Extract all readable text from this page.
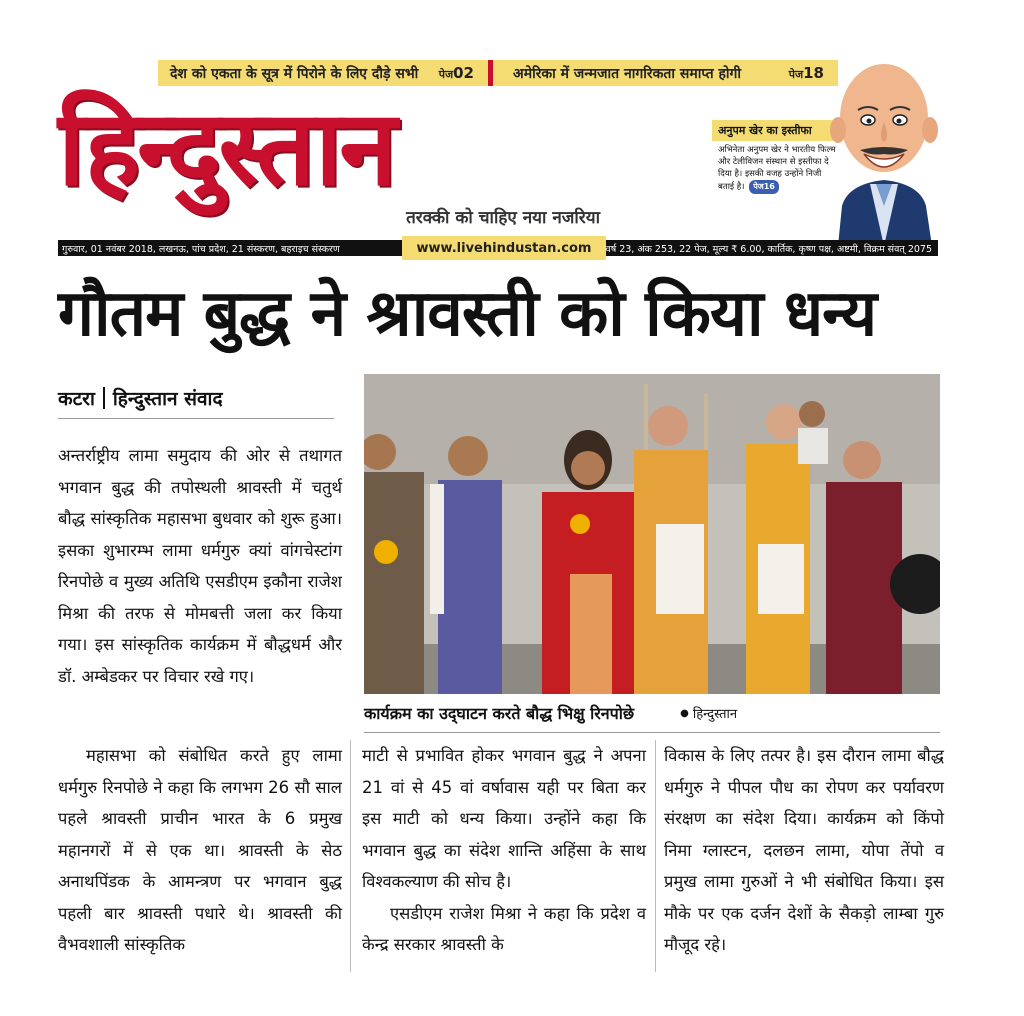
देश को एकता के सूत्र में पिरोने के लिए दौड़े सभी पेज02	अमेरिका में जन्मजात नागरिकता समाप्त होगी	पेज18
हिन्दुस्तान
तरक्की को चाहिए नया नजरिया
अनुपम खेर का इस्तीफा
अभिनेता अनुपम खेर ने भारतीय फिल्म और टेलीविजन संस्थान से इस्तीफा दे दिया है। इसकी वजह उन्होंने निजी बताई है। पेज16
गुरुवार, 01 नवंबर 2018, लखनऊ, पांच प्रदेश, 21 संस्करण, बहराइच संस्करण	www.livehindustan.com	वर्ष 23, अंक 253, 22 पेज, मूल्य ₹ 6.00, कार्तिक, कृष्ण पक्ष, अष्टमी, विक्रम संवत् 2075
गौतम बुद्ध ने श्रावस्ती को किया धन्य
कटरा हिन्दुस्तान संवाद

अन्तर्राष्ट्रीय लामा समुदाय की ओर से तथागत भगवान बुद्ध की तपोस्थली श्रावस्ती में चतुर्थ बौद्ध सांस्कृतिक महासभा बुधवार को शुरू हुआ। इसका शुभारम्भ लामा धर्मगुरु क्यां वांगचेस्टांग रिनपोछे व मुख्य अतिथि एसडीएम इकौना राजेश मिश्रा की तरफ से मोमबत्ती जला कर किया गया। इस सांस्कृतिक कार्यक्रम में बौद्धधर्म और डॉ. अम्बेडकर पर विचार रखे गए।

कार्यक्रम का उद्‌घाटन करते बौद्ध भिक्षु रिनपोछे
●	हिन्दुस्तान

महासभा को संबोधित करते हुए लामा धर्मगुरु रिनपोछे ने कहा कि लगभग 26 सौ साल पहले श्रावस्ती प्राचीन भारत के 6 प्रमुख महानगरों में से एक था। श्रावस्ती के सेठ अनाथपिंडक के आमन्त्रण पर भगवान बुद्ध पहली बार श्रावस्ती पधारे थे। श्रावस्ती की वैभवशाली सांस्कृतिक

माटी से प्रभावित होकर भगवान बुद्ध ने अपना 21 वां से 45 वां वर्षावास यही पर बिता कर इस माटी को धन्य किया। उन्होंने कहा कि भगवान बुद्ध का संदेश शान्ति अहिंसा के साथ विश्वकल्याण की सोच है।

एसडीएम राजेश मिश्रा ने कहा कि प्रदेश व केन्द्र सरकार श्रावस्ती के

विकास के लिए तत्पर है। इस दौरान लामा बौद्ध धर्मगुरु ने पीपल पौध का रोपण कर पर्यावरण संरक्षण का संदेश दिया। कार्यक्रम को किंपो निमा ग्लास्टन, दलछन लामा, योपा तेंपो व प्रमुख लामा गुरुओं ने भी संबोधित किया। इस मौके पर एक दर्जन देशों के सैकड़ो लाम्बा गुरु मौजूद रहे।
